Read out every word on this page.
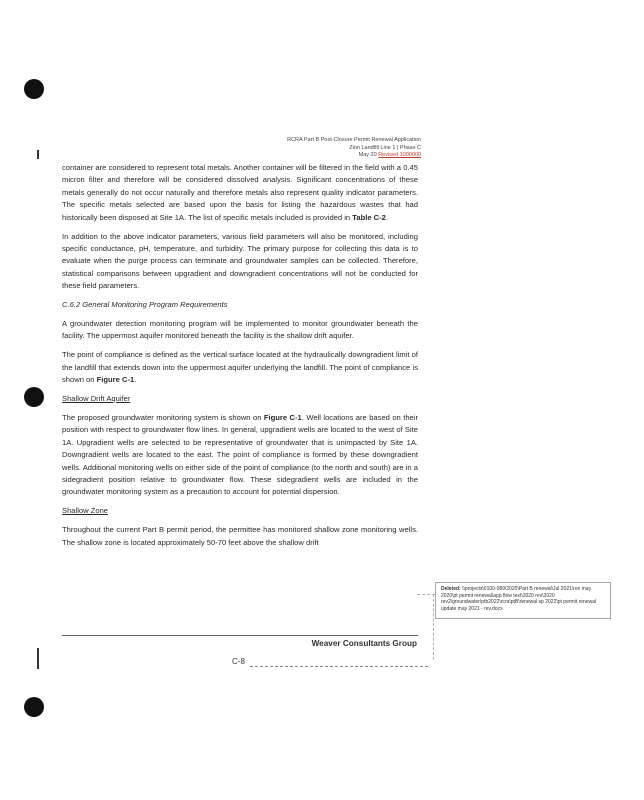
RCRA Part B Post-Closure Permit Renewal Application
Zion Landfill Line 1 | Phase C
May 20 Revised 1000000

container are considered to represent total metals. Another container will be filtered in the field with a 0.45 micron filter and therefore will be considered dissolved analysis. Significant concentrations of these metals generally do not occur naturally and therefore metals also represent quality indicator parameters. The specific metals selected are based upon the basis for listing the hazardous wastes that had historically been disposed at Site 1A. The list of specific metals included is provided in Table C-2.

In addition to the above indicator parameters, various field parameters will also be monitored, including specific conductance, pH, temperature, and turbidity. The primary purpose for collecting this data is to evaluate when the purge process can terminate and groundwater samples can be collected. Therefore, statistical comparisons between upgradient and downgradient concentrations will not be conducted for these field parameters.

C.6.2 General Monitoring Program Requirements

A groundwater detection monitoring program will be implemented to monitor groundwater beneath the facility. The uppermost aquifer monitored beneath the facility is the shallow drift aquifer.

The point of compliance is defined as the vertical surface located at the hydraulically downgradient limit of the landfill that extends down into the uppermost aquifer underlying the landfill. The point of compliance is shown on Figure C-1.

Shallow Drift Aquifer

The proposed groundwater monitoring system is shown on Figure C-1. Well locations are based on their position with respect to groundwater flow lines. In general, upgradient wells are located to the west of Site 1A. Upgradient wells are selected to be representative of groundwater that is unimpacted by Site 1A. Downgradient wells are located to the east. The point of compliance is formed by these downgradient wells. Additional monitoring wells on either side of the point of compliance (to the north and south) are in a sidegradient position relative to groundwater flow. These sidegradient wells are included in the groundwater monitoring system as a precaution to account for potential dispersion.

Shallow Zone

Throughout the current Part B permit period, the permittee has monitored shallow zone monitoring wells. The shallow zone is located approximately 50-70 feet above the shallow drift

Deleted: \\projects\0100-089\2020\Part B renewal\Jul 2021\rev may 2020\pt permit renewal\app flow text\2020 rev\2020 rev2\groundwater\ptb2022\rcra\ptB\renewal sp 2022\pt permit renewal update may 2021 - rev.docx
Weaver Consultants Group
C-8
